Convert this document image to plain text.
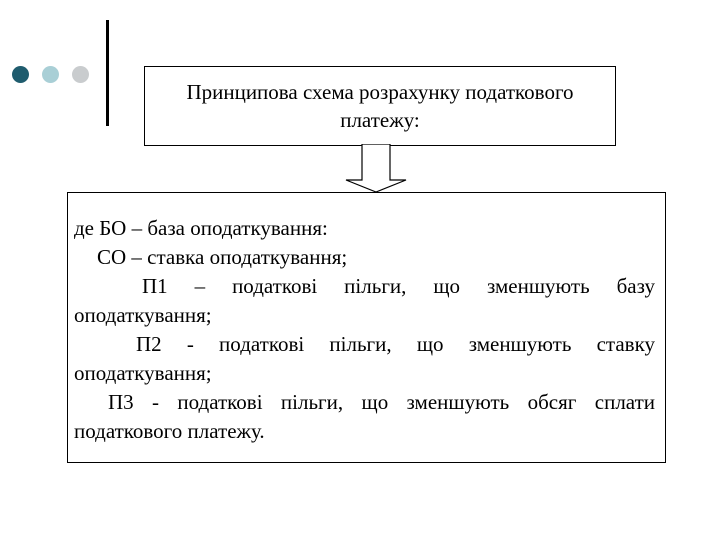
Принципова схема розрахунку податкового
платежу:

де БО – база оподаткування:

СО – ставка оподаткування;

П1 – податкові пільги, що зменшують базу оподаткування;

П2 - податкові пільги, що зменшують ставку оподаткування;

П3 - податкові пільги, що зменшують обсяг сплати податкового платежу.
